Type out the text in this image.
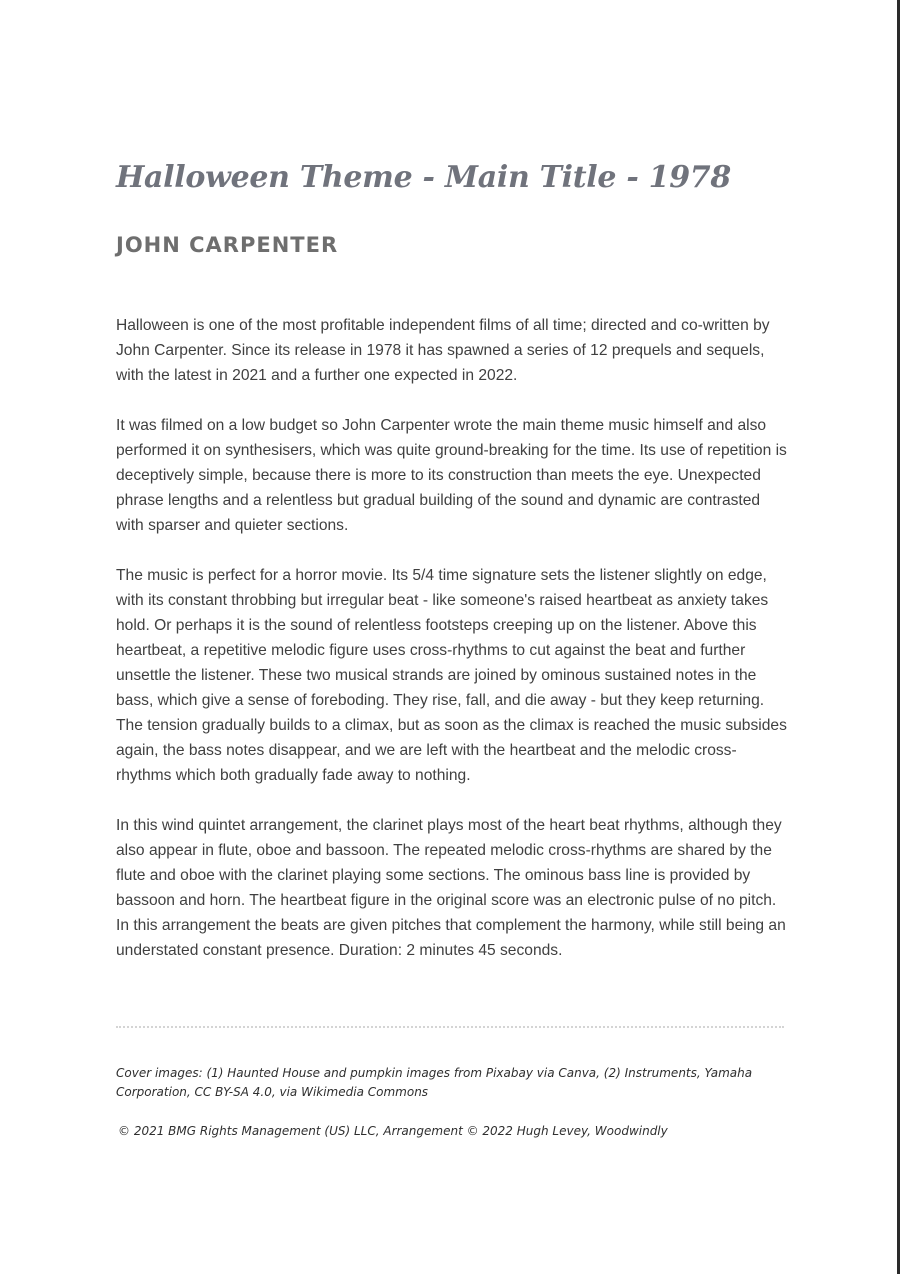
Halloween Theme - Main Title - 1978
JOHN CARPENTER

Halloween is one of the most profitable independent films of all time; directed and co-written by John Carpenter. Since its release in 1978 it has spawned a series of 12 prequels and sequels, with the latest in 2021 and a further one expected in 2022.

It was filmed on a low budget so John Carpenter wrote the main theme music himself and also performed it on synthesisers, which was quite ground-breaking for the time. Its use of repetition is deceptively simple, because there is more to its construction than meets the eye. Unexpected phrase lengths and a relentless but gradual building of the sound and dynamic are contrasted with sparser and quieter sections.

The music is perfect for a horror movie. Its 5/4 time signature sets the listener slightly on edge, with its constant throbbing but irregular beat - like someone's raised heartbeat as anxiety takes hold. Or perhaps it is the sound of relentless footsteps creeping up on the listener. Above this heartbeat, a repetitive melodic figure uses cross-rhythms to cut against the beat and further unsettle the listener. These two musical strands are joined by ominous sustained notes in the bass, which give a sense of foreboding. They rise, fall, and die away - but they keep returning. The tension gradually builds to a climax, but as soon as the climax is reached the music subsides again, the bass notes disappear, and we are left with the heartbeat and the melodic cross-rhythms which both gradually fade away to nothing.

In this wind quintet arrangement, the clarinet plays most of the heart beat rhythms, although they also appear in flute, oboe and bassoon. The repeated melodic cross-rhythms are shared by the flute and oboe with the clarinet playing some sections. The ominous bass line is provided by bassoon and horn. The heartbeat figure in the original score was an electronic pulse of no pitch. In this arrangement the beats are given pitches that complement the harmony, while still being an understated constant presence. Duration: 2 minutes 45 seconds.

Cover images: (1) Haunted House and pumpkin images from Pixabay via Canva, (2) Instruments, Yamaha Corporation, CC BY-SA 4.0, via Wikimedia Commons
© 2021 BMG Rights Management (US) LLC, Arrangement © 2022 Hugh Levey, Woodwindly
